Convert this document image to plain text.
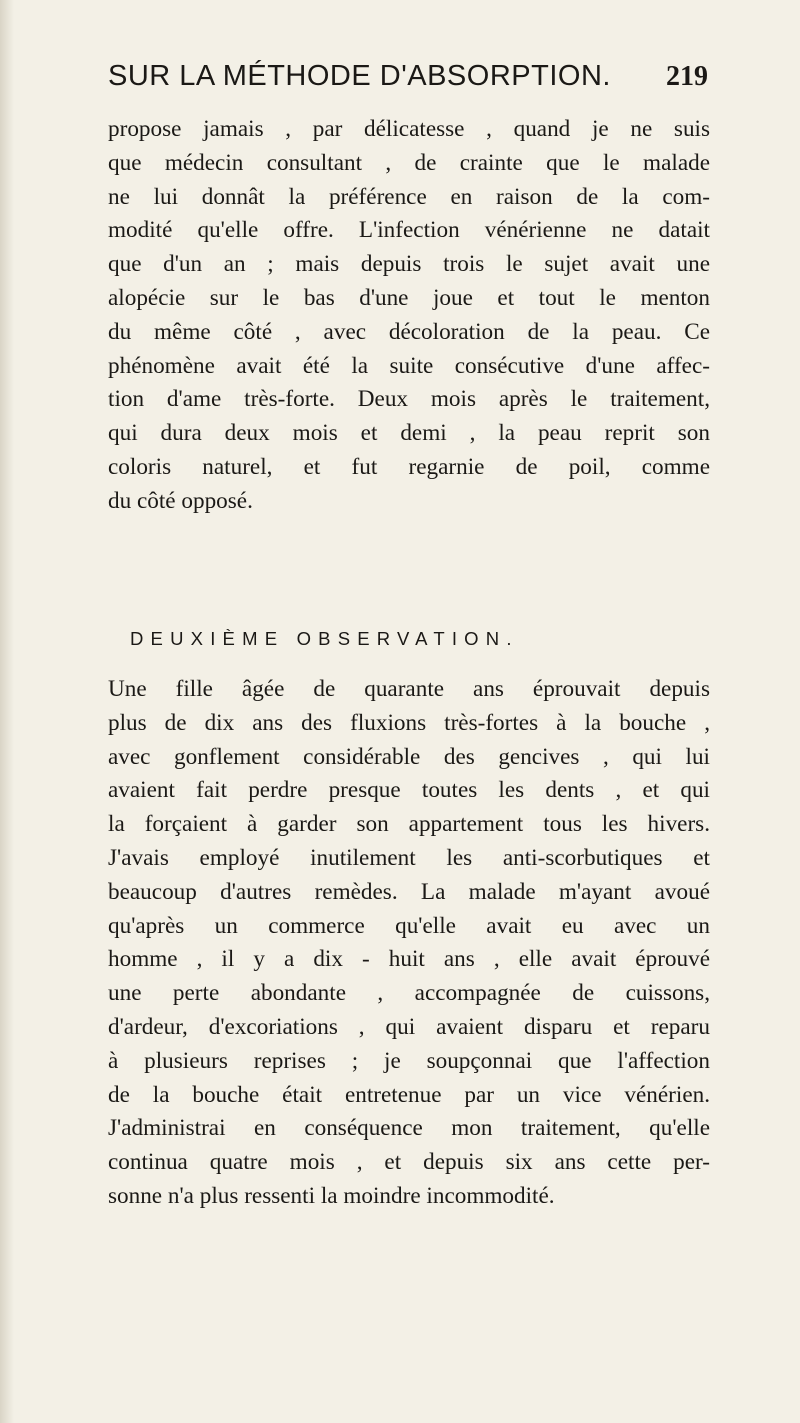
SUR LA MÉTHODE D'ABSORPTION. 219
propose jamais , par délicatesse , quand je ne suis
que médecin consultant , de crainte que le malade
ne lui donnât la préférence en raison de la com-
modité qu'elle offre. L'infection vénérienne ne datait
que d'un an ; mais depuis trois le sujet avait une
alopécie sur le bas d'une joue et tout le menton
du même côté , avec décoloration de la peau. Ce
phénomène avait été la suite consécutive d'une affec-
tion d'ame très-forte. Deux mois après le traitement,
qui dura deux mois et demi , la peau reprit son
coloris naturel, et fut regarnie de poil, comme
du côté opposé.
DEUXIÈME OBSERVATION.
Une fille âgée de quarante ans éprouvait depuis
plus de dix ans des fluxions très-fortes à la bouche ,
avec gonflement considérable des gencives , qui lui
avaient fait perdre presque toutes les dents , et qui
la forçaient à garder son appartement tous les hivers.
J'avais employé inutilement les anti-scorbutiques et
beaucoup d'autres remèdes. La malade m'ayant avoué
qu'après un commerce qu'elle avait eu avec un
homme , il y a dix - huit ans , elle avait éprouvé
une perte abondante , accompagnée de cuissons,
d'ardeur, d'excoriations , qui avaient disparu et reparu
à plusieurs reprises ; je soupçonnai que l'affection
de la bouche était entretenue par un vice vénérien.
J'administrai en conséquence mon traitement, qu'elle
continua quatre mois , et depuis six ans cette per-
sonne n'a plus ressenti la moindre incommodité.
